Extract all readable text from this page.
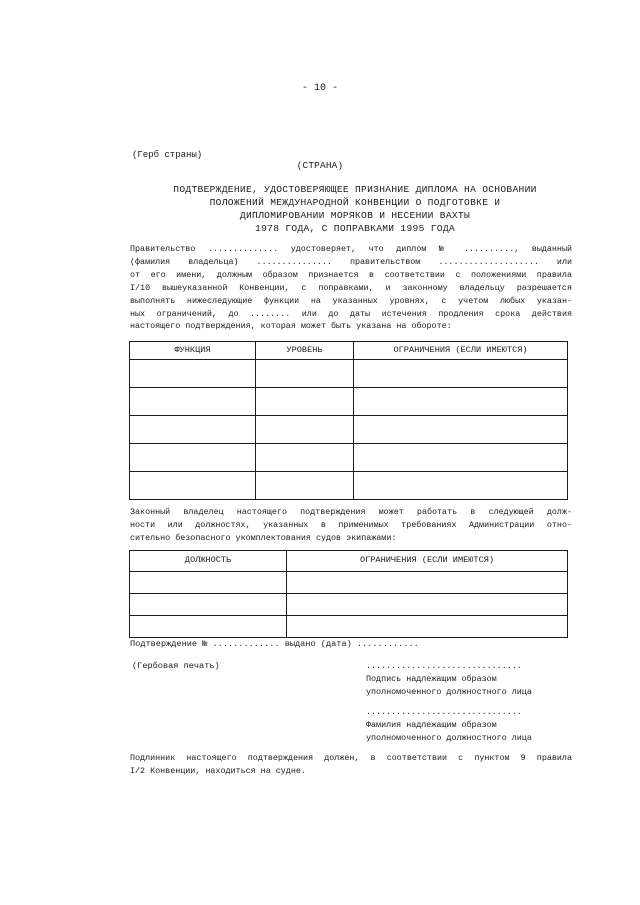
- 10 -
(Герб страны)
(СТРАНА)
ПОДТВЕРЖДЕНИЕ, УДОСТОВЕРЯЮЩЕЕ ПРИЗНАНИЕ ДИПЛОМА НА ОСНОВАНИИ
ПОЛОЖЕНИЙ МЕЖДУНАРОДНОЙ КОНВЕНЦИИ О ПОДГОТОВКЕ И
ДИПЛОМИРОВАНИИ МОРЯКОВ И НЕСЕНИИ ВАХТЫ
1978 ГОДА, С ПОПРАВКАМИ 1995 ГОДА
Правительство .............. удостоверяет, что диплом № .........., выданный
(фамилия владельца) ............... правительством .................... или
от его имени, должным образом признается в соответствии с положениями правила
I/10 вышеуказанной Конвенции, с поправками, и законному владельцу разрешается
выполнять нижеследующие функции на указанных уровнях, с учетом любых указан-
ных ограничений, до ........ или до даты истечения продления срока действия
настоящего подтверждения, которая может быть указана на обороте:
ФУНКЦИЯ	УРОВЕНЬ	ОГРАНИЧЕНИЯ (ЕСЛИ ИМЕЮТСЯ)

Законный владелец настоящего подтверждения может работать в следующей долж-
ности или должностях, указанных в применимых требованиях Администрации отно-
сительно безопасного укомплектования судов экипажами:
ДОЛЖНОСТЬ	ОГРАНИЧЕНИЯ (ЕСЛИ ИМЕЮТСЯ)

Подтверждение № ............. выдано (дата) ............
(Гербовая печать)	...............................
Подпись надлежащим образом
уполномоченного должностного лица
...............................
Фамилия надлежащим образом
уполномоченного должностного лица
Подлинник настоящего подтверждения должен, в соответствии с пунктом 9 правила
I/2 Конвенции, находиться на судне.
